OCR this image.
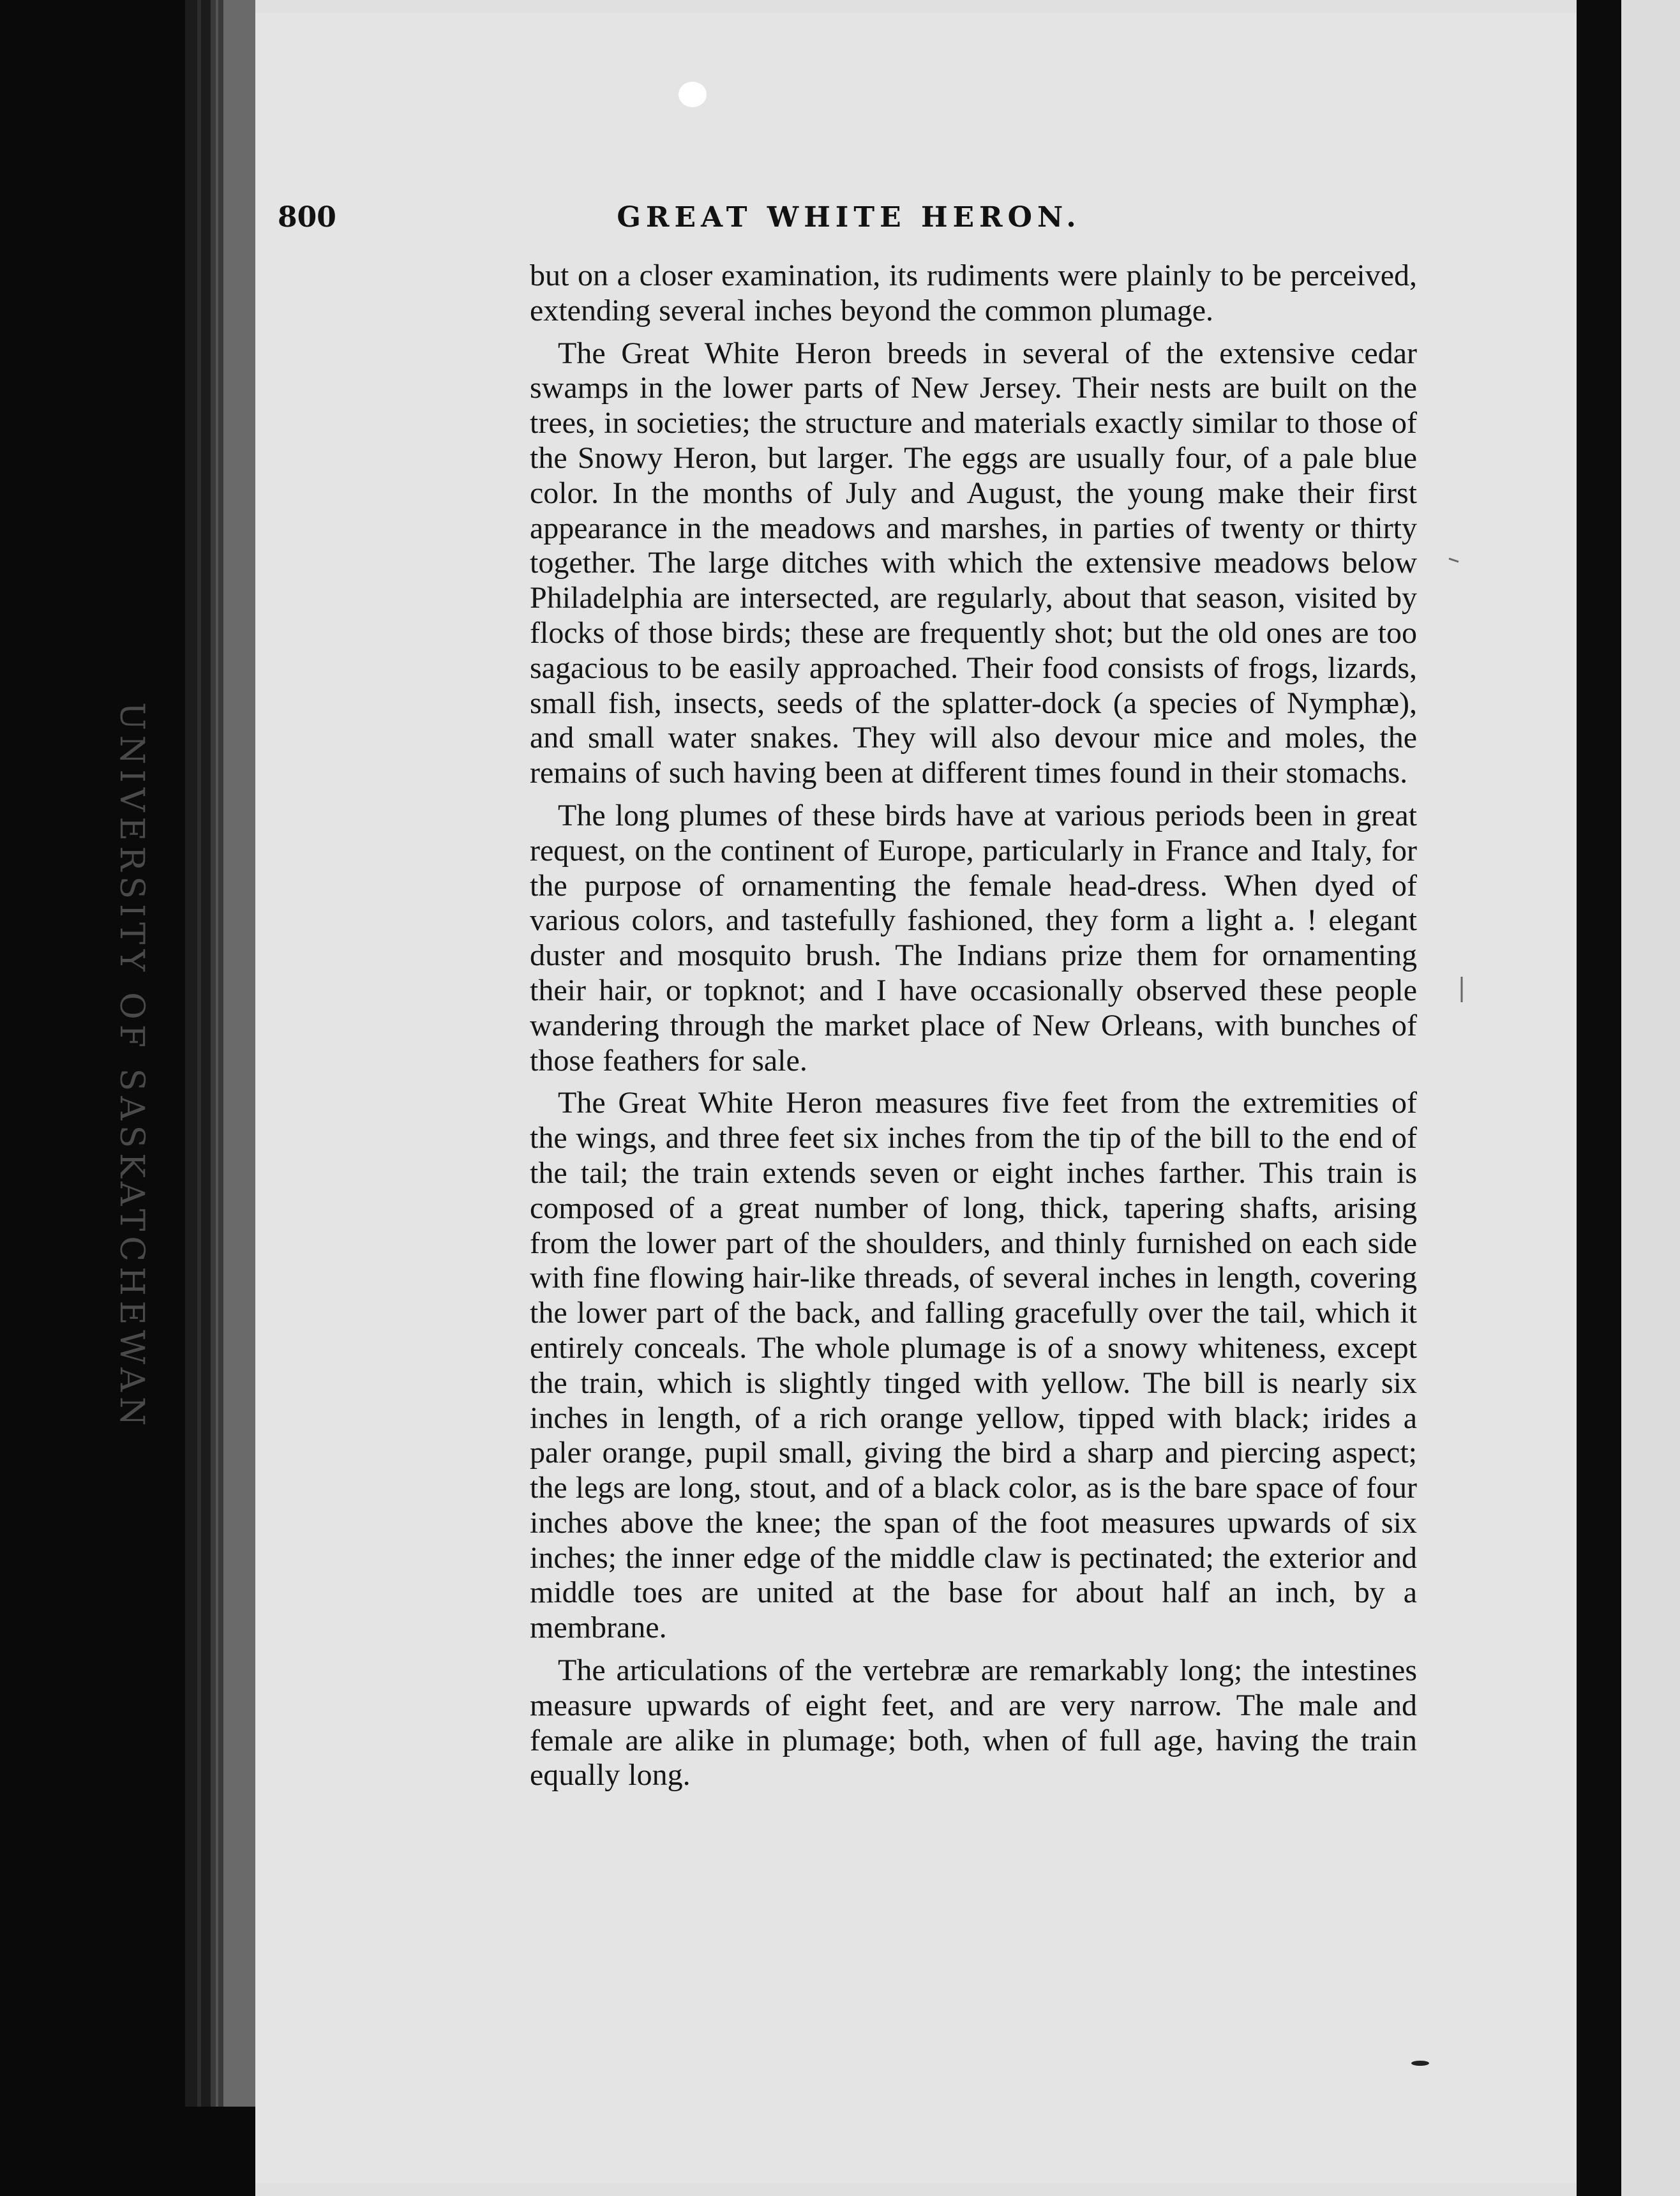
UNIVERSITY OF SASKATCHEWAN
800	GREAT WHITE HERON.

but on a closer examination, its rudiments were plainly to be perceived, extending several inches beyond the common plumage.

The Great White Heron breeds in several of the extensive cedar swamps in the lower parts of New Jersey. Their nests are built on the trees, in societies; the structure and materials exactly similar to those of the Snowy Heron, but larger. The eggs are usually four, of a pale blue color. In the months of July and August, the young make their first appearance in the meadows and marshes, in parties of twenty or thirty together. The large ditches with which the extensive meadows below Philadelphia are intersected, are regularly, about that season, visited by flocks of those birds; these are frequently shot; but the old ones are too sagacious to be easily approached. Their food consists of frogs, lizards, small fish, insects, seeds of the splatter-dock (a species of Nymphæ), and small water snakes. They will also devour mice and moles, the remains of such having been at different times found in their stomachs.

The long plumes of these birds have at various periods been in great request, on the continent of Europe, particularly in France and Italy, for the purpose of ornamenting the female head-dress. When dyed of various colors, and tastefully fashioned, they form a light a. ! elegant duster and mosquito brush. The Indians prize them for ornamenting their hair, or topknot; and I have occasionally observed these people wandering through the market place of New Orleans, with bunches of those feathers for sale.

The Great White Heron measures five feet from the extremities of the wings, and three feet six inches from the tip of the bill to the end of the tail; the train extends seven or eight inches farther. This train is composed of a great number of long, thick, tapering shafts, arising from the lower part of the shoulders, and thinly furnished on each side with fine flowing hair-like threads, of several inches in length, covering the lower part of the back, and falling gracefully over the tail, which it entirely conceals. The whole plumage is of a snowy whiteness, except the train, which is slightly tinged with yellow. The bill is nearly six inches in length, of a rich orange yellow, tipped with black; irides a paler orange, pupil small, giving the bird a sharp and piercing aspect; the legs are long, stout, and of a black color, as is the bare space of four inches above the knee; the span of the foot measures upwards of six inches; the inner edge of the middle claw is pectinated; the exterior and middle toes are united at the base for about half an inch, by a membrane.

The articulations of the vertebræ are remarkably long; the intestines measure upwards of eight feet, and are very narrow. The male and female are alike in plumage; both, when of full age, having the train equally long.
